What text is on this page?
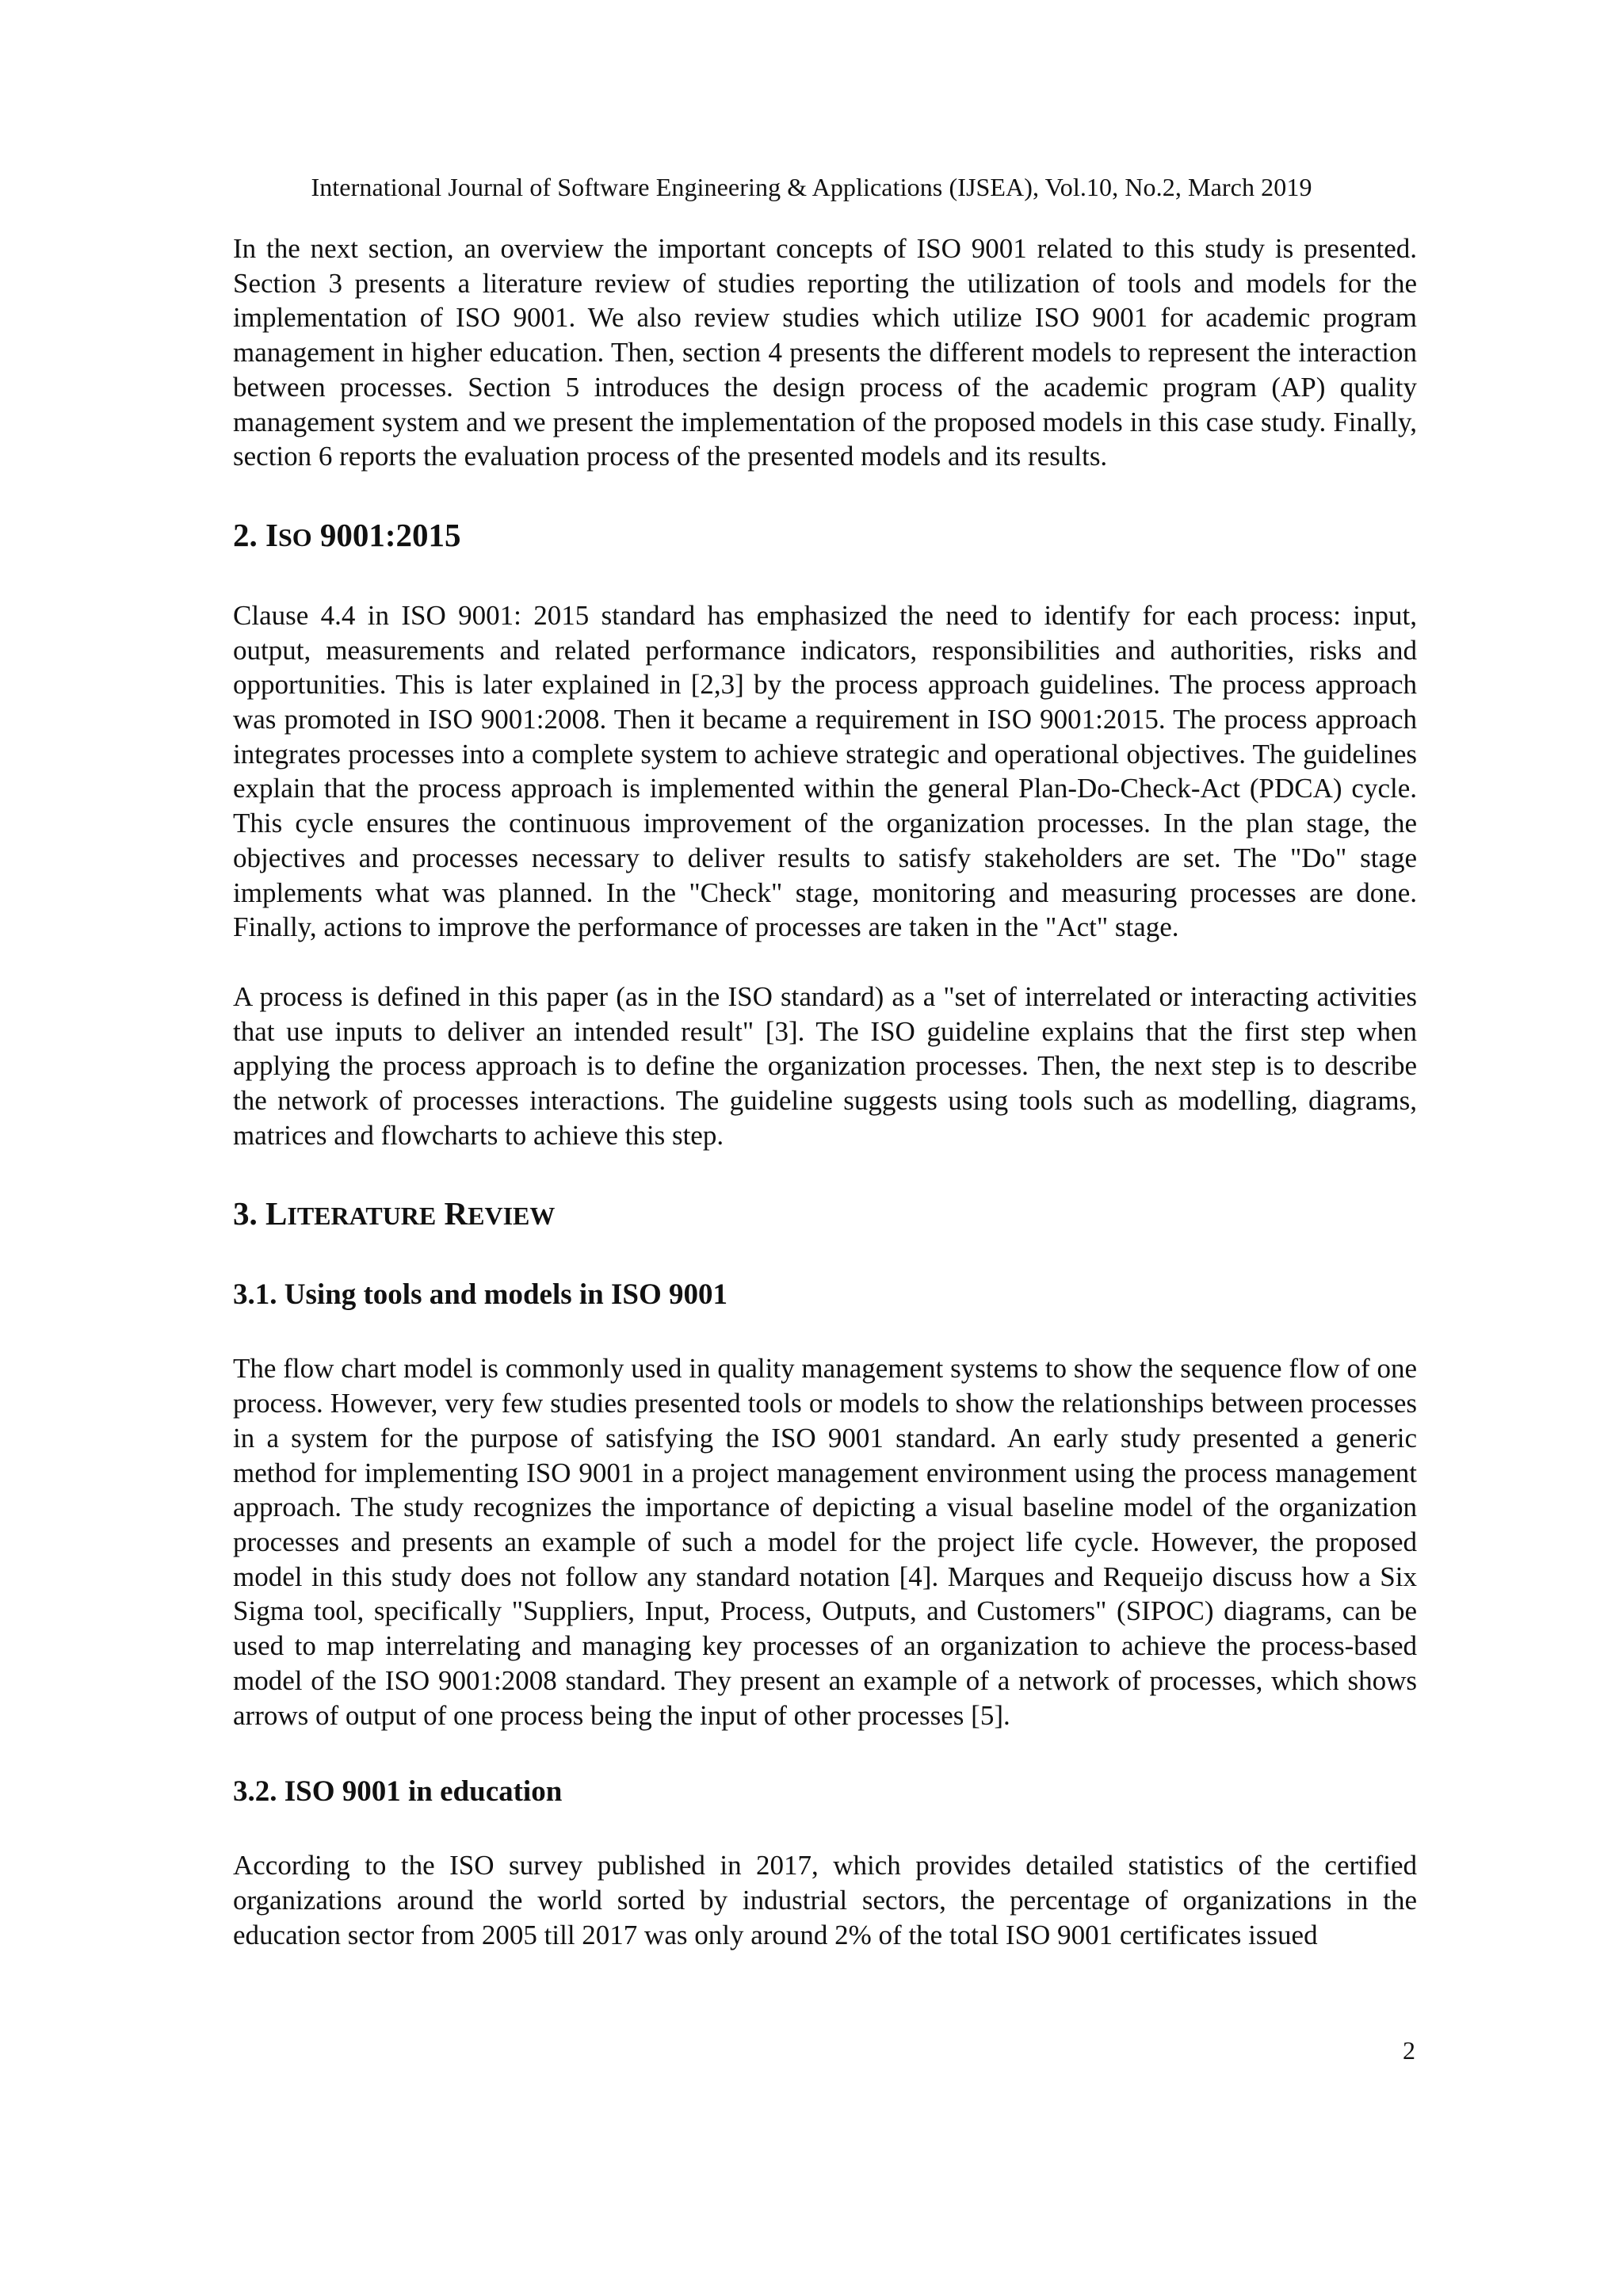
International Journal of Software Engineering & Applications (IJSEA), Vol.10, No.2, March 2019

In the next section, an overview the important concepts of ISO 9001 related to this study is presented. Section 3 presents a literature review of studies reporting the utilization of tools and models for the implementation of ISO 9001. We also review studies which utilize ISO 9001 for academic program management in higher education. Then, section 4 presents the different models to represent the interaction between processes. Section 5 introduces the design process of the academic program (AP) quality management system and we present the implementation of the proposed models in this case study. Finally, section 6 reports the evaluation process of the presented models and its results.

2. ISO 9001:2015

Clause 4.4 in ISO 9001: 2015 standard has emphasized the need to identify for each process: input, output, measurements and related performance indicators, responsibilities and authorities, risks and opportunities. This is later explained in [2,3] by the process approach guidelines. The process approach was promoted in ISO 9001:2008. Then it became a requirement in ISO 9001:2015. The process approach integrates processes into a complete system to achieve strategic and operational objectives. The guidelines explain that the process approach is implemented within the general Plan-Do-Check-Act (PDCA) cycle. This cycle ensures the continuous improvement of the organization processes. In the plan stage, the objectives and processes necessary to deliver results to satisfy stakeholders are set. The "Do" stage implements what was planned. In the "Check" stage, monitoring and measuring processes are done. Finally, actions to improve the performance of processes are taken in the "Act" stage.

A process is defined in this paper (as in the ISO standard) as a "set of interrelated or interacting activities that use inputs to deliver an intended result" [3]. The ISO guideline explains that the first step when applying the process approach is to define the organization processes. Then, the next step is to describe the network of processes interactions. The guideline suggests using tools such as modelling, diagrams, matrices and flowcharts to achieve this step.

3. LITERATURE REVIEW
3.1. Using tools and models in ISO 9001

The flow chart model is commonly used in quality management systems to show the sequence flow of one process. However, very few studies presented tools or models to show the relationships between processes in a system for the purpose of satisfying the ISO 9001 standard. An early study presented a generic method for implementing ISO 9001 in a project management environment using the process management approach. The study recognizes the importance of depicting a visual baseline model of the organization processes and presents an example of such a model for the project life cycle. However, the proposed model in this study does not follow any standard notation [4]. Marques and Requeijo discuss how a Six Sigma tool, specifically "Suppliers, Input, Process, Outputs, and Customers" (SIPOC) diagrams, can be used to map interrelating and managing key processes of an organization to achieve the process-based model of the ISO 9001:2008 standard. They present an example of a network of processes, which shows arrows of output of one process being the input of other processes [5].

3.2. ISO 9001 in education

According to the ISO survey published in 2017, which provides detailed statistics of the certified organizations around the world sorted by industrial sectors, the percentage of organizations in the education sector from 2005 till 2017 was only around 2% of the total ISO 9001 certificates issued

2
